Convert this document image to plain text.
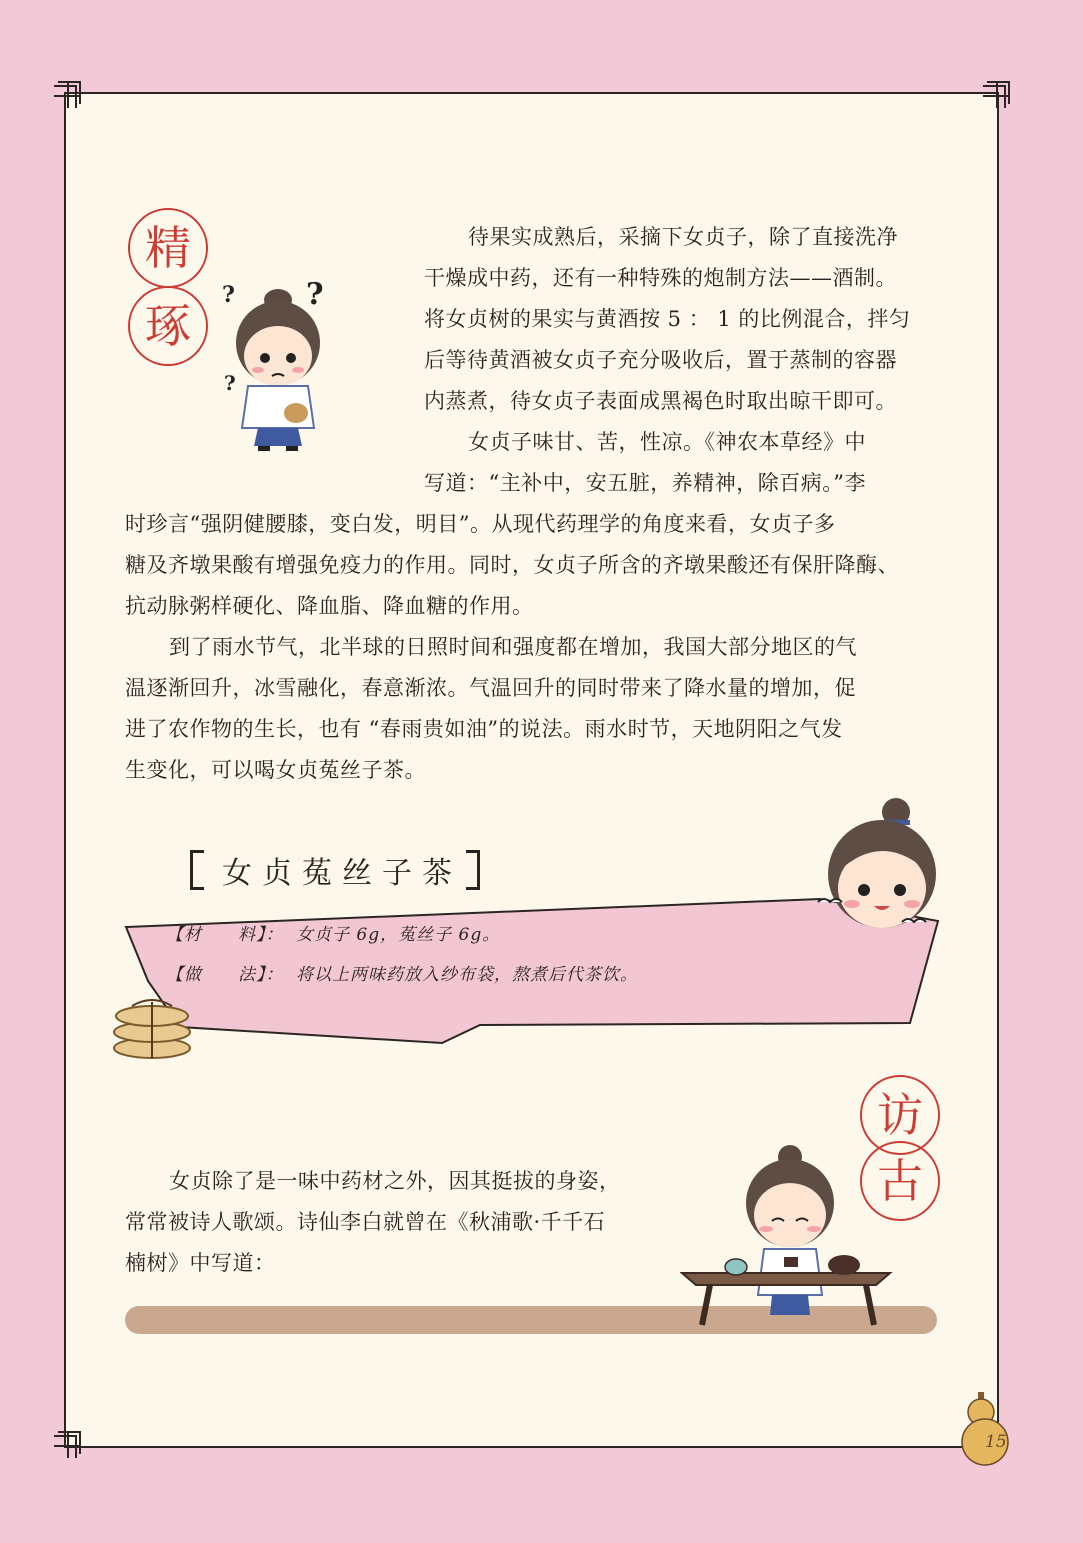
精
琢
? ?
?
待果实成熟后，采摘下女贞子，除了直接洗净
干燥成中药，还有一种特殊的炮制方法——酒制。
将女贞树的果实与黄酒按 5 ： 1 的比例混合，拌匀
后等待黄酒被女贞子充分吸收后，置于蒸制的容器
内蒸煮，待女贞子表面成黑褐色时取出晾干即可。
女贞子味甘、苦，性凉。《神农本草经》中
写道：“主补中，安五脏，养精神，除百病。”李
时珍言“强阴健腰膝，变白发，明目”。从现代药理学的角度来看，女贞子多
糖及齐墩果酸有增强免疫力的作用。同时，女贞子所含的齐墩果酸还有保肝降酶、
抗动脉粥样硬化、降血脂、降血糖的作用。
到了雨水节气，北半球的日照时间和强度都在增加，我国大部分地区的气
温逐渐回升，冰雪融化，春意渐浓。气温回升的同时带来了降水量的增加，促
进了农作物的生长，也有 “春雨贵如油”的说法。雨水时节，天地阴阳之气发
生变化，可以喝女贞菟丝子茶。
女贞菟丝子茶
【材　　料】： 女贞子 6g，菟丝子 6g。
【做　　法】： 将以上两味药放入纱布袋，熬煮后代茶饮。
访
古
女贞除了是一味中药材之外，因其挺拔的身姿，
常常被诗人歌颂。诗仙李白就曾在《秋浦歌·千千石
楠树》中写道：
15
